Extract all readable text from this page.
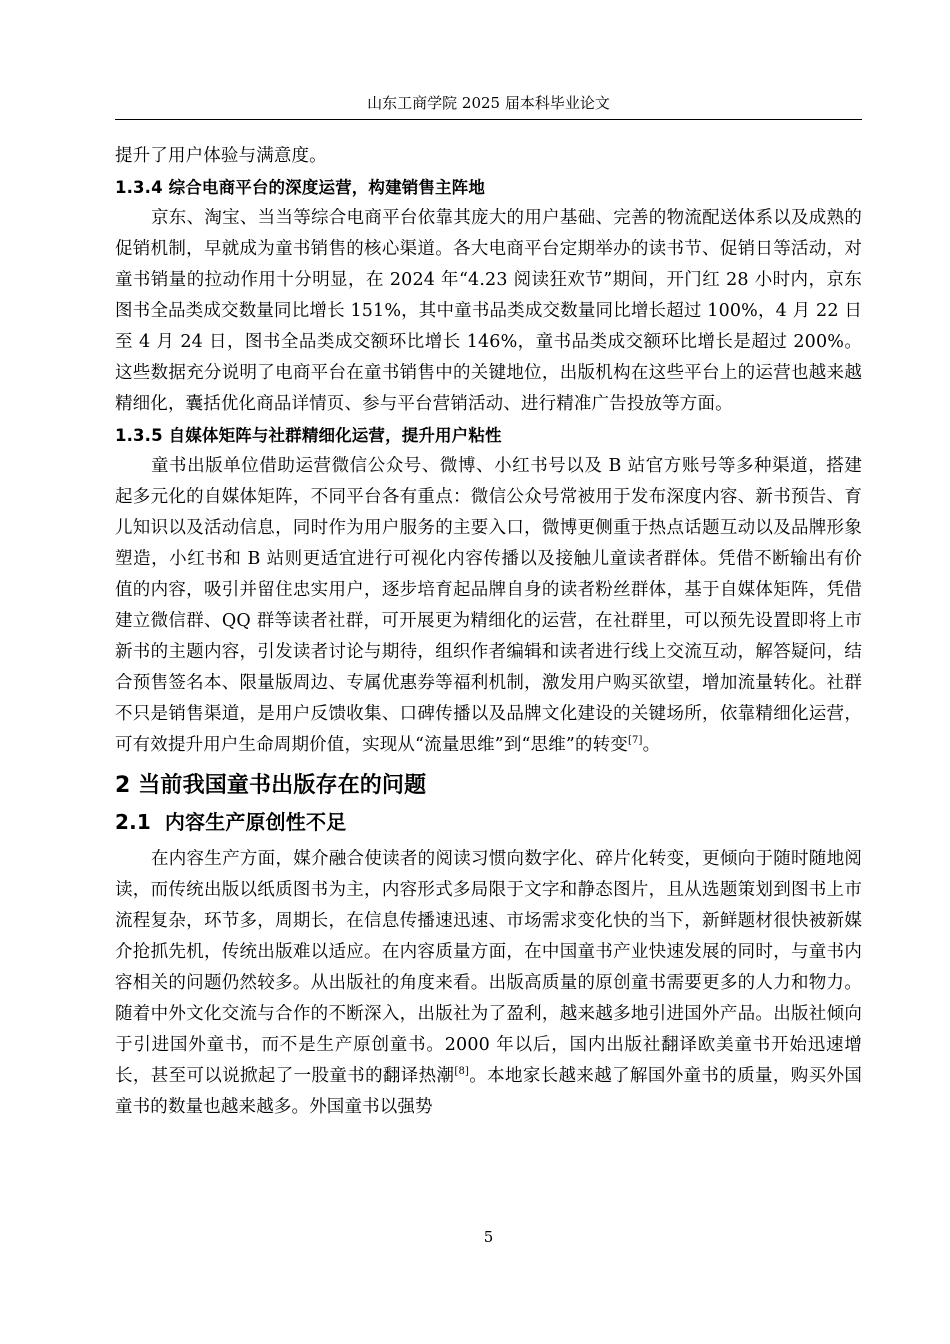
山东工商学院 2025 届本科毕业论文

提升了用户体验与满意度。

1.3.4 综合电商平台的深度运营，构建销售主阵地

京东、淘宝、当当等综合电商平台依靠其庞大的用户基础、完善的物流配送体系以及成熟的促销机制，早就成为童书销售的核心渠道。各大电商平台定期举办的读书节、促销日等活动，对童书销量的拉动作用十分明显，在 2024 年“4.23 阅读狂欢节”期间，开门红 28 小时内，京东图书全品类成交数量同比增长 151%，其中童书品类成交数量同比增长超过 100%，4 月 22 日至 4 月 24 日，图书全品类成交额环比增长 146%，童书品类成交额环比增长是超过 200%。这些数据充分说明了电商平台在童书销售中的关键地位，出版机构在这些平台上的运营也越来越精细化，囊括优化商品详情页、参与平台营销活动、进行精准广告投放等方面。

1.3.5 自媒体矩阵与社群精细化运营，提升用户粘性

童书出版单位借助运营微信公众号、微博、小红书号以及 B 站官方账号等多种渠道，搭建起多元化的自媒体矩阵，不同平台各有重点：微信公众号常被用于发布深度内容、新书预告、育儿知识以及活动信息，同时作为用户服务的主要入口，微博更侧重于热点话题互动以及品牌形象塑造，小红书和 B 站则更适宜进行可视化内容传播以及接触儿童读者群体。凭借不断输出有价值的内容，吸引并留住忠实用户，逐步培育起品牌自身的读者粉丝群体，基于自媒体矩阵，凭借建立微信群、QQ 群等读者社群，可开展更为精细化的运营，在社群里，可以预先设置即将上市新书的主题内容，引发读者讨论与期待，组织作者编辑和读者进行线上交流互动，解答疑问，结合预售签名本、限量版周边、专属优惠券等福利机制，激发用户购买欲望，增加流量转化。社群不只是销售渠道，是用户反馈收集、口碑传播以及品牌文化建设的关键场所，依靠精细化运营，可有效提升用户生命周期价值，实现从“流量思维”到“思维”的转变[7]。

2 当前我国童书出版存在的问题
2.1 内容生产原创性不足

在内容生产方面，媒介融合使读者的阅读习惯向数字化、碎片化转变，更倾向于随时随地阅读，而传统出版以纸质图书为主，内容形式多局限于文字和静态图片，且从选题策划到图书上市流程复杂，环节多，周期长，在信息传播速迅速、市场需求变化快的当下，新鲜题材很快被新媒介抢抓先机，传统出版难以适应。在内容质量方面，在中国童书产业快速发展的同时，与童书内容相关的问题仍然较多。从出版社的角度来看。出版高质量的原创童书需要更多的人力和物力。随着中外文化交流与合作的不断深入，出版社为了盈利，越来越多地引进国外产品。出版社倾向于引进国外童书，而不是生产原创童书。2000 年以后，国内出版社翻译欧美童书开始迅速增长，甚至可以说掀起了一股童书的翻译热潮[8]。本地家长越来越了解国外童书的质量，购买外国童书的数量也越来越多。外国童书以强势

5
